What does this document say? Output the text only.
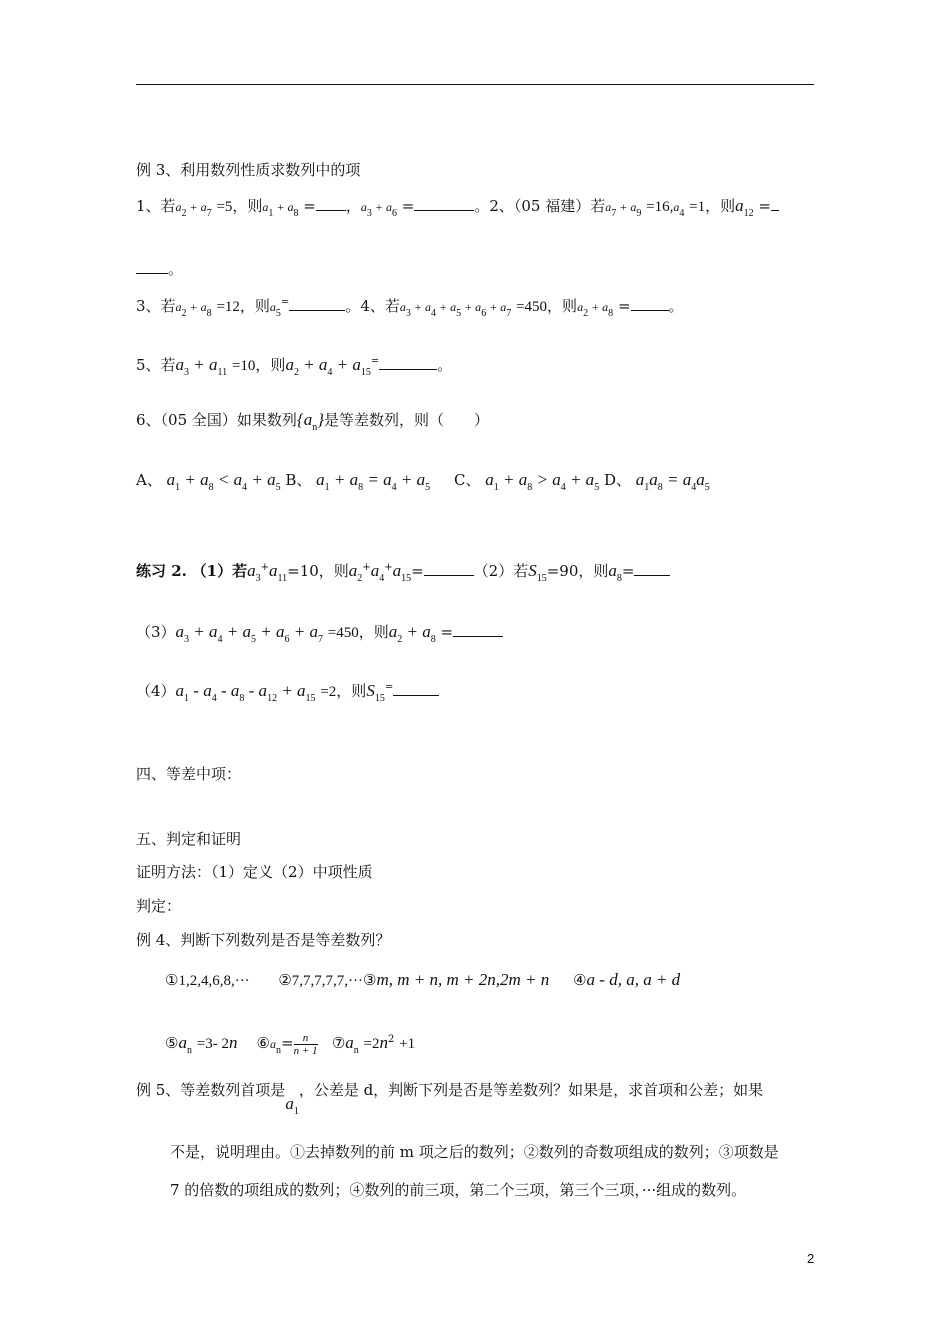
例 3、利用数列性质求数列中的项
1、若$a_2 + a_7 =5$，则$a_1 + a_8$ = ，$a_3 + a_6$ =	。2、（05 福建）若$a_7 + a_9 =16,a_4 =1$，则$a_{12}$ =
。
3、若$a_2 + a_8 =12$，则$a_5^=$	。4、若$a_3 + a_4 + a_5 + a_6 + a_7 =450$，则$a_2 + a_8$ =	。
5、若$a_3 + a_{11} =10$，则$a_2 + a_4 + a_{15}^=$	。
6、（05 全国）如果数列$\{a_n\}$是等差数列，则（　　）
A、 $a_1 + a_8 < a_4 + a_5$ B、 $a_1 + a_8 = a_4 + a_5$ C、 $a_1 + a_8 > a_4 + a_5$ D、 $a_1a_8 = a_4a_5$
练习 2. （1）若$a_3^+a_{11}=10$，则$a_2^+a_4^+a_{15}=$	（2）若$S_{15}=90$，则$a_8=$
$(3)a_3 + a_4 + a_5 + a_6 + a_7 =450$，则$a_2 + a_8$ =
$(4)a_1 - a_4 - a_8 - a_{12} + a_{15} =2$，则$S_{15}^=$
四、等差中项：
五、判定和证明
证明方法：（1）定义（2）中项性质
判定：
例 4、判断下列数列是否是等差数列？
①1,2,4,6,8,··· ②7,7,7,7,7,···③m, m + n, m + 2n,2m + n ④a - d, a, a + d
$⑤a_n =3-$ 2n $⑥a_n= \frac{n}{n + 1}$ $⑦a_n =2n^2 +1$
例 5、等差数列首项是$a_1$，公差是 d，判断下列是否是等差数列？如果是，求首项和公差；如果
不是，说明理由。①去掉数列的前 m 项之后的数列；②数列的奇数项组成的数列；③项数是
7 的倍数的项组成的数列；④数列的前三项，第二个三项，第三个三项，···组成的数列。
2
